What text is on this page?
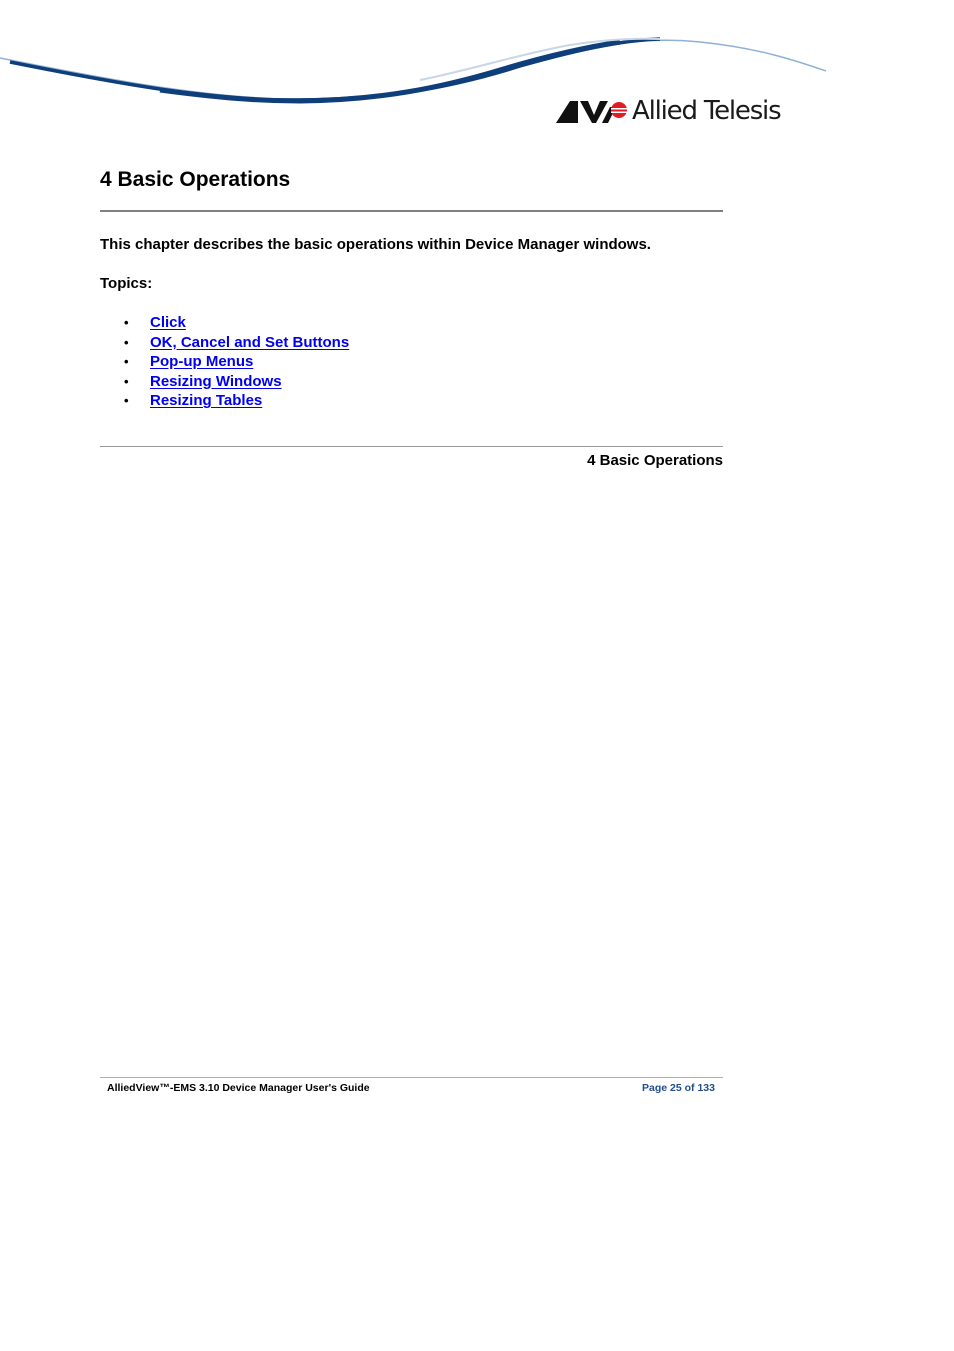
Allied Telesis
4 Basic Operations

This chapter describes the basic operations within Device Manager windows.

Topics:

•	Click
•	OK, Cancel and Set Buttons
•	Pop-up Menus
•	Resizing Windows
•	Resizing Tables

4 Basic Operations

AlliedView™-EMS 3.10 Device Manager User's Guide	Page 25 of 133
